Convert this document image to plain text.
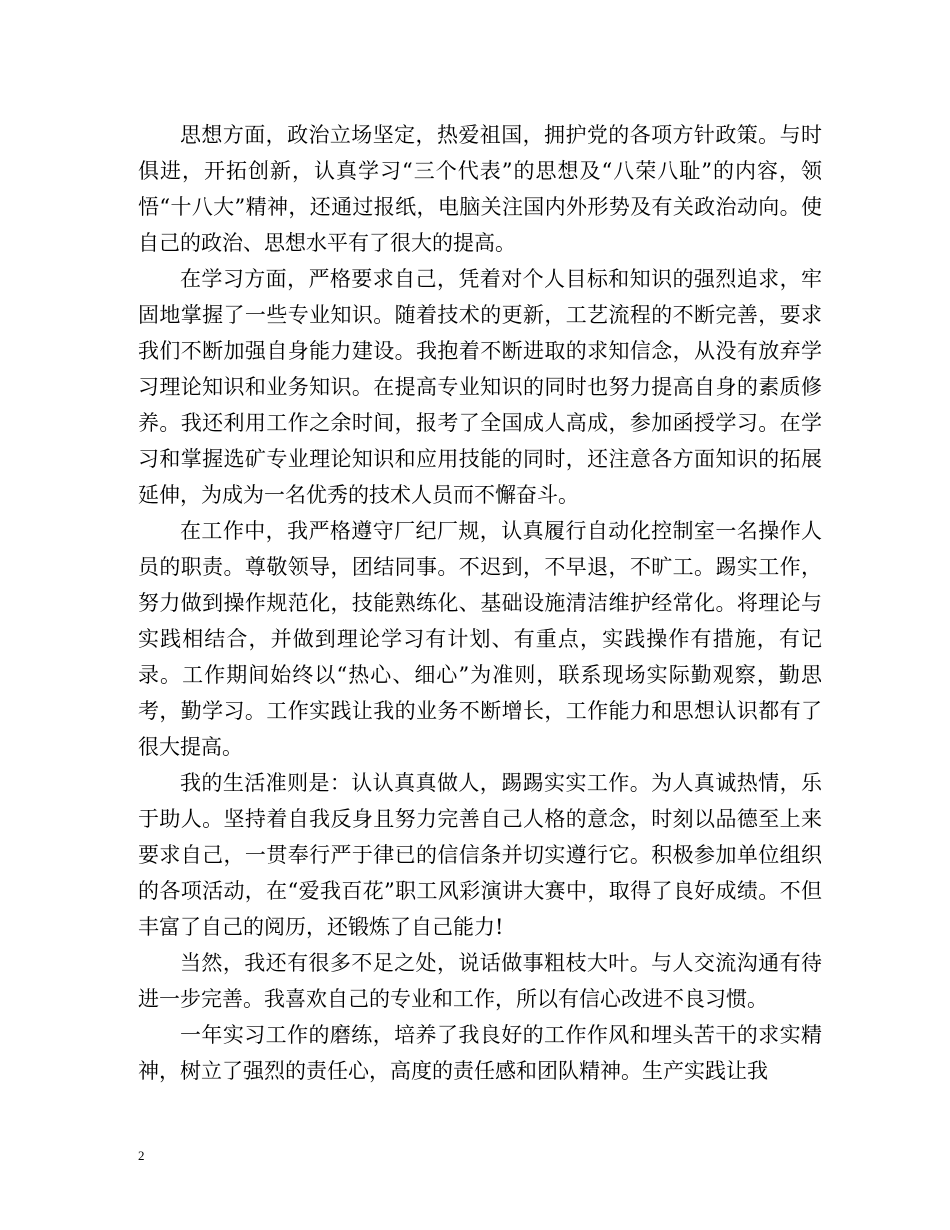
思想方面，政治立场坚定，热爱祖国，拥护党的各项方针政策。与时俱进，开拓创新，认真学习“三个代表”的思想及“八荣八耻”的内容，领悟“十八大”精神，还通过报纸，电脑关注国内外形势及有关政治动向。使自己的政治、思想水平有了很大的提高。

在学习方面，严格要求自己，凭着对个人目标和知识的强烈追求，牢固地掌握了一些专业知识。随着技术的更新，工艺流程的不断完善，要求我们不断加强自身能力建设。我抱着不断进取的求知信念，从没有放弃学习理论知识和业务知识。在提高专业知识的同时也努力提高自身的素质修养。我还利用工作之余时间，报考了全国成人高成，参加函授学习。在学习和掌握选矿专业理论知识和应用技能的同时，还注意各方面知识的拓展延伸，为成为一名优秀的技术人员而不懈奋斗。

在工作中，我严格遵守厂纪厂规，认真履行自动化控制室一名操作人员的职责。尊敬领导，团结同事。不迟到，不早退，不旷工。踢实工作，努力做到操作规范化，技能熟练化、基础设施清洁维护经常化。将理论与实践相结合，并做到理论学习有计划、有重点，实践操作有措施，有记录。工作期间始终以“热心、细心”为准则，联系现场实际勤观察，勤思考，勤学习。工作实践让我的业务不断增长，工作能力和思想认识都有了很大提高。

我的生活准则是：认认真真做人，踢踢实实工作。为人真诚热情，乐于助人。坚持着自我反身且努力完善自己人格的意念，时刻以品德至上来要求自己，一贯奉行严于律已的信信条并切实遵行它。积极参加单位组织的各项活动，在“爱我百花”职工风彩演讲大赛中，取得了良好成绩。不但丰富了自己的阅历，还锻炼了自己能力!

当然，我还有很多不足之处，说话做事粗枝大叶。与人交流沟通有待进一步完善。我喜欢自己的专业和工作，所以有信心改进不良习惯。

一年实习工作的磨练，培养了我良好的工作作风和埋头苦干的求实精神，树立了强烈的责任心，高度的责任感和团队精神。生产实践让我

2
